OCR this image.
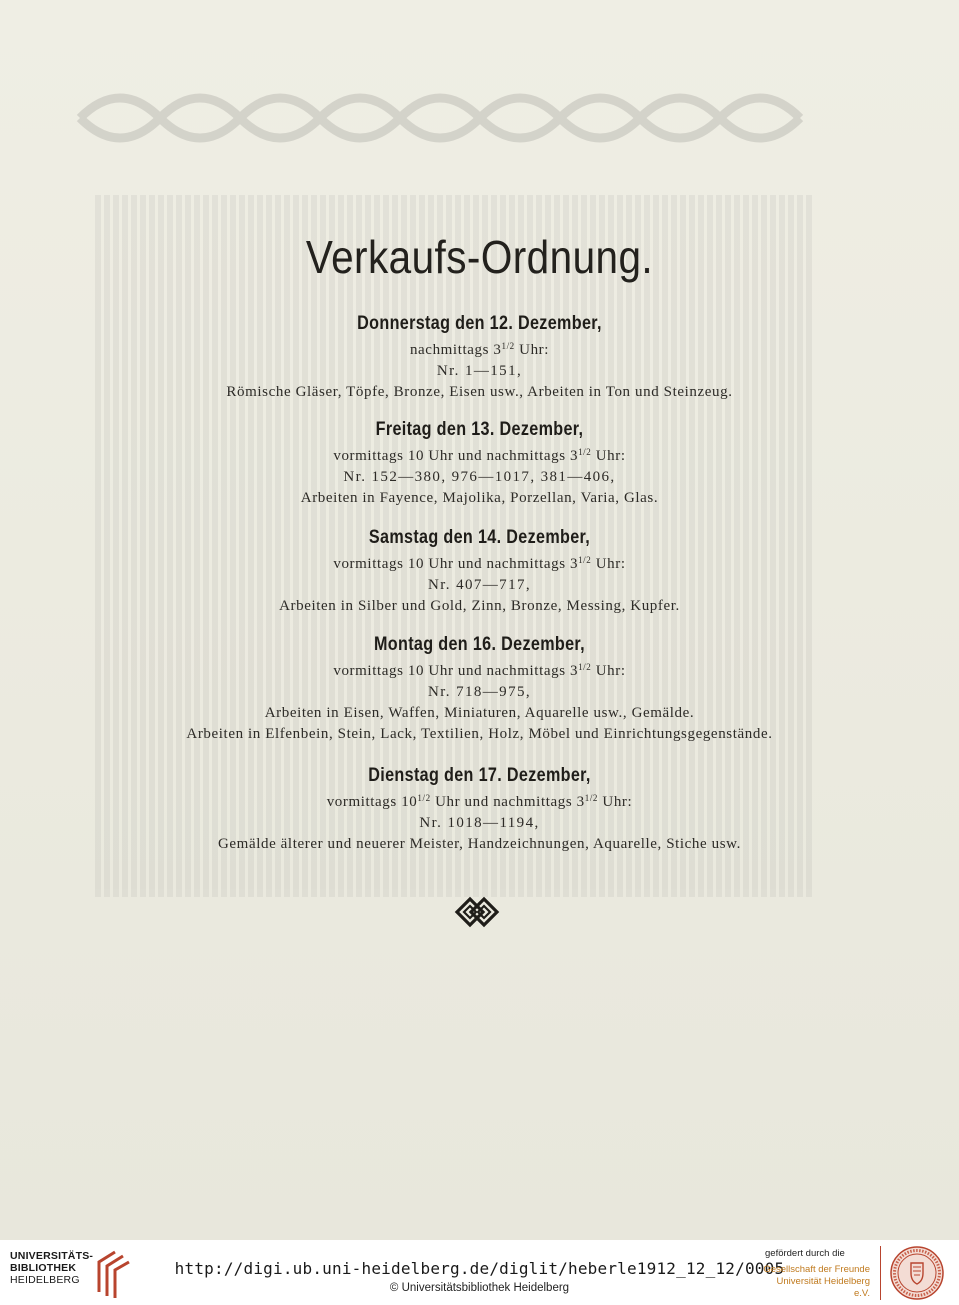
Verkaufs-Ordnung.
Donnerstag den 12. Dezember,
nachmittags $3^{1/2}$ Uhr:
Nr. 1—151,
Römische Gläser, Töpfe, Bronze, Eisen usw., Arbeiten in Ton und Steinzeug.
Freitag den 13. Dezember,
vormittags 10 Uhr und nachmittags $3^{1/2}$ Uhr:
Nr. 152—380, 976—1017, 381—406,
Arbeiten in Fayence, Majolika, Porzellan, Varia, Glas.
Samstag den 14. Dezember,
vormittags 10 Uhr und nachmittags $3^{1/2}$ Uhr:
Nr. 407—717,
Arbeiten in Silber und Gold, Zinn, Bronze, Messing, Kupfer.
Montag den 16. Dezember,
vormittags 10 Uhr und nachmittags $3^{1/2}$ Uhr:
Nr. 718—975,
Arbeiten in Eisen, Waffen, Miniaturen, Aquarelle usw., Gemälde.
Arbeiten in Elfenbein, Stein, Lack, Textilien, Holz, Möbel und Einrichtungsgegenstände.
Dienstag den 17. Dezember,
vormittags $10^{1/2}$ Uhr und nachmittags $3^{1/2}$ Uhr:
Nr. 1018—1194,
Gemälde älterer und neuerer Meister, Handzeichnungen, Aquarelle, Stiche usw.
UNIVERSITÄTS-
BIBLIOTHEK
HEIDELBERG
http://digi.ub.uni-heidelberg.de/diglit/heberle1912_12_12/0005
© Universitätsbibliothek Heidelberg
gefördert durch die
Gesellschaft der Freunde
Universität Heidelberg e.V.
